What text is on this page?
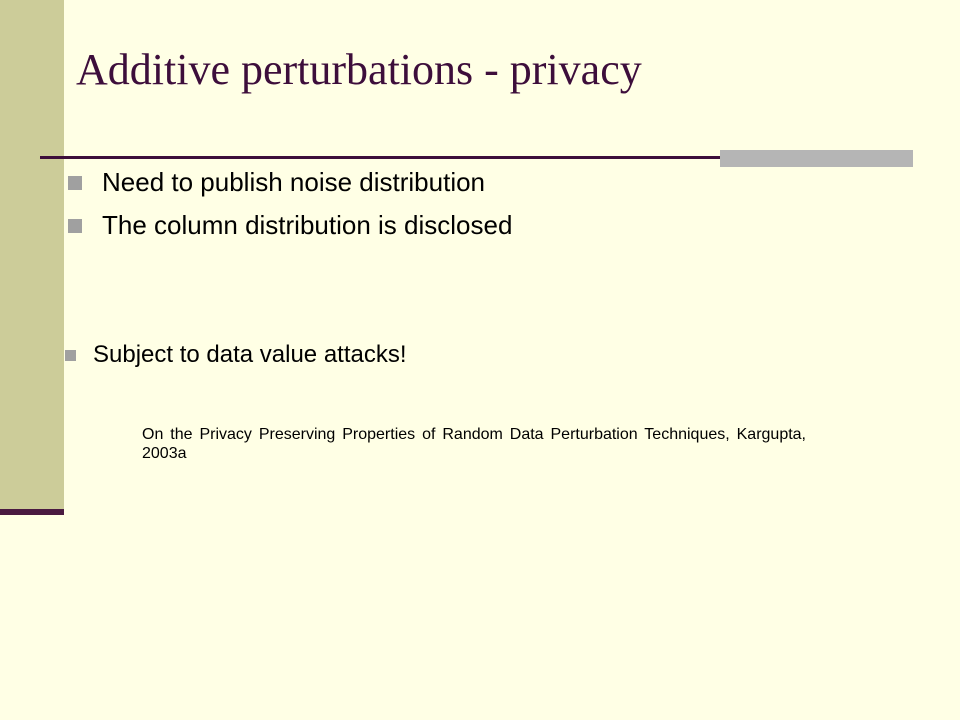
Additive perturbations - privacy
Need to publish noise distribution
The column distribution is disclosed
Subject to data value attacks!
On the Privacy Preserving Properties of Random Data Perturbation Techniques, Kargupta, 2003a
